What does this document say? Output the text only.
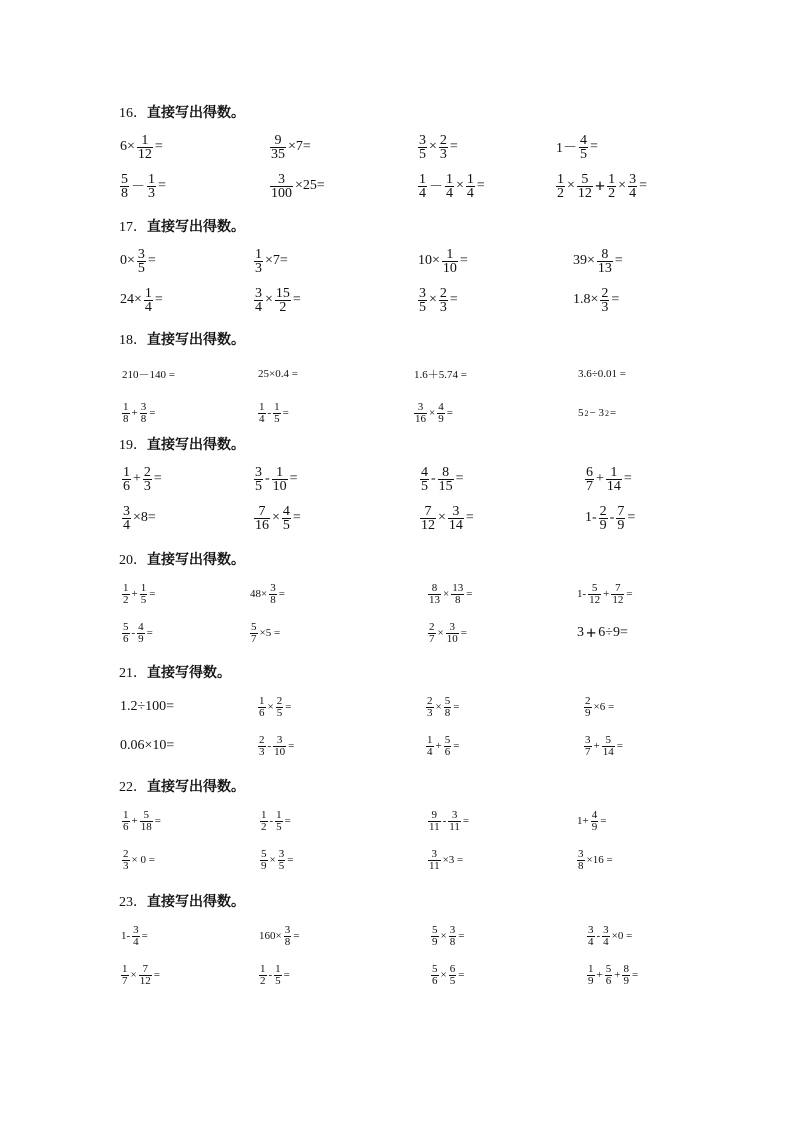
16．直接写出得数。
$6\times \frac{1}{12}$ =	$\frac{9}{35} \times 7=$	$\frac{3}{5} \times \frac{2}{3}$ =	$1- \frac{4}{5}$ =
$\frac{5}{8} - \frac{1}{3}$ =	$\frac{3}{100} \times 25=$	$\frac{1}{4} - \frac{1}{4} \times \frac{1}{4}$ =	$\frac{1}{2} \times \frac{5}{12} + \frac{1}{2} \times \frac{3}{4}$ =
17．直接写出得数。
$0\times \frac{3}{5}$ =	$\frac{1}{3} \times 7=$	$10\times \frac{1}{10}$ =	$39\times \frac{8}{13}$ =
$24\times \frac{1}{4}$ =	$\frac{3}{4} \times \frac{15}{2}$ =	$\frac{3}{5} \times \frac{2}{3}$ =	$1.8\times \frac{2}{3}$ =
18．直接写出得数。
210－140 =	25×0.4 =	1.6＋5.74 =	3.6÷0.01 =
$\frac{1}{8} + \frac{3}{8}$ =	$\frac{1}{4} - \frac{1}{5}$ =	$\frac{3}{16} \times \frac{4}{9}$ =	5 2 − 3 2 =
19．直接写出得数。
$\frac{1}{6} + \frac{2}{3}$ =	$\frac{3}{5} - \frac{1}{10}$ =	$\frac{4}{5} - \frac{8}{15}$ =	$\frac{6}{7} + \frac{1}{14}$ =
$\frac{3}{4} \times 8=$	$\frac{7}{16} \times \frac{4}{5}$ =	$\frac{7}{12} \times \frac{3}{14}$ =	$1- \frac{2}{9} - \frac{7}{9}$ =
20．直接写出得数。
$\frac{1}{2} + \frac{1}{5}$ =	$48\times \frac{3}{8}$ =	$\frac{8}{13} \times \frac{13}{8}$ =	$1- \frac{5}{12} + \frac{7}{12}$ =
$\frac{5}{6} - \frac{4}{9}$ =	$\frac{5}{7} \times 5$ =	$\frac{2}{7} \times \frac{3}{10}$ =	3 + 6÷9=
21．直接写得数。
1.2÷100=	$\frac{1}{6} \times \frac{2}{5}$ =	$\frac{2}{3} \times \frac{5}{8}$ =	$\frac{2}{9} \times 6$ =
0.06×10=	$\frac{2}{3} - \frac{3}{10}$ =	$\frac{1}{4} + \frac{5}{6}$ =	$\frac{3}{7} + \frac{5}{14}$ =
22．直接写出得数。
$\frac{1}{6} + \frac{5}{18}$ =	$\frac{1}{2} - \frac{1}{5}$ =	$\frac{9}{11} - \frac{3}{11}$ =	$1+ \frac{4}{9}$ =
$\frac{2}{3} \times 0$ =	$\frac{5}{9} \times \frac{3}{5}$ =	$\frac{3}{11} \times 3$ =	$\frac{3}{8} \times 16$ =
23．直接写出得数。
$1- \frac{3}{4}$ =	$160\times \frac{3}{8}$ =	$\frac{5}{9} \times \frac{3}{8}$ =	$\frac{3}{4} - \frac{3}{4} \times 0$ =
$\frac{1}{7} \times \frac{7}{12}$ =	$\frac{1}{2} - \frac{1}{5}$ =	$\frac{5}{6} \times \frac{6}{5}$ =	$\frac{1}{9} + \frac{5}{6} + \frac{8}{9}$ =
